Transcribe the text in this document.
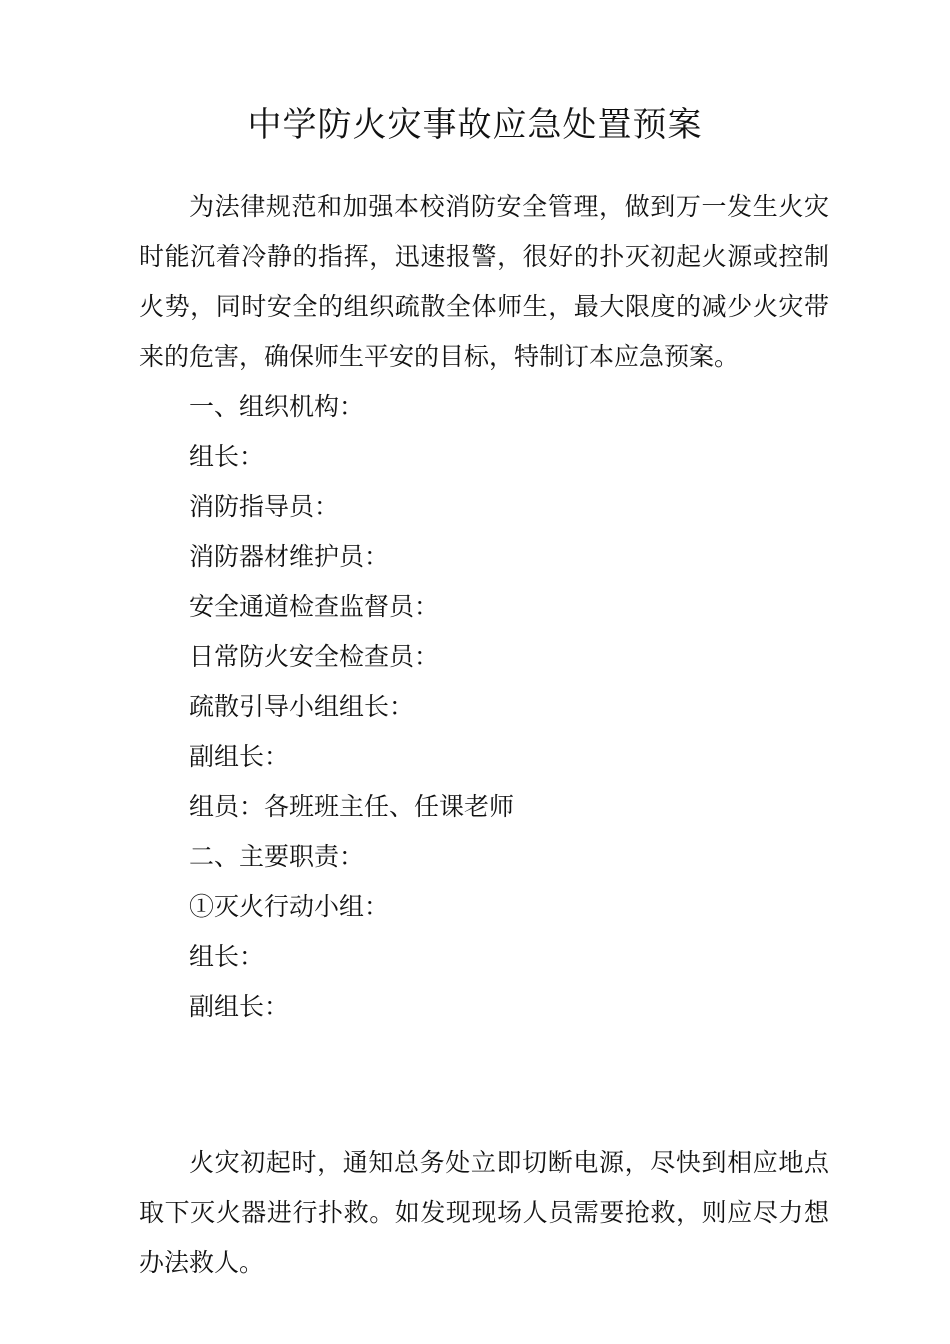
中学防火灾事故应急处置预案

为法律规范和加强本校消防安全管理，做到万一发生火灾时能沉着冷静的指挥，迅速报警，很好的扑灭初起火源或控制火势，同时安全的组织疏散全体师生，最大限度的减少火灾带来的危害，确保师生平安的目标，特制订本应急预案。

一、组织机构：

组长：

消防指导员：

消防器材维护员：

安全通道检查监督员：

日常防火安全检查员：

疏散引导小组组长：

副组长：

组员：各班班主任、任课老师

二、主要职责：

①灭火行动小组：

组长：

副组长：

火灾初起时，通知总务处立即切断电源，尽快到相应地点取下灭火器进行扑救。如发现现场人员需要抢救，则应尽力想办法救人。
